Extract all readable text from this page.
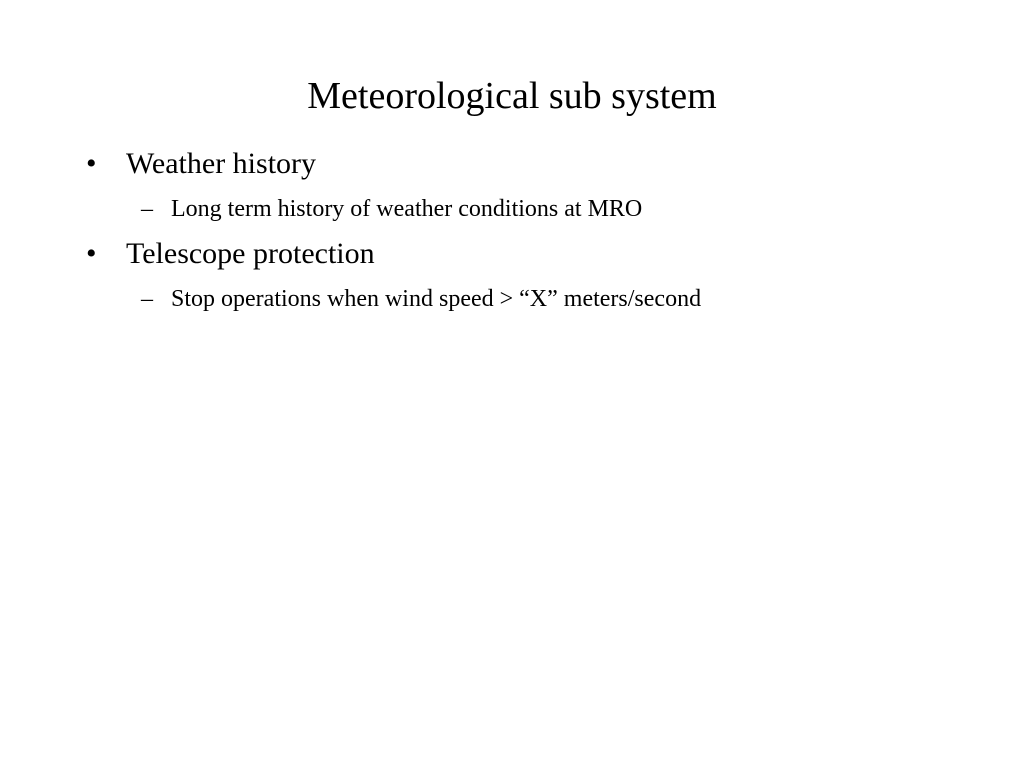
Meteorological sub system
• Weather history
– Long term history of weather conditions at MRO
• Telescope protection
– Stop operations when wind speed > “X” meters/second
